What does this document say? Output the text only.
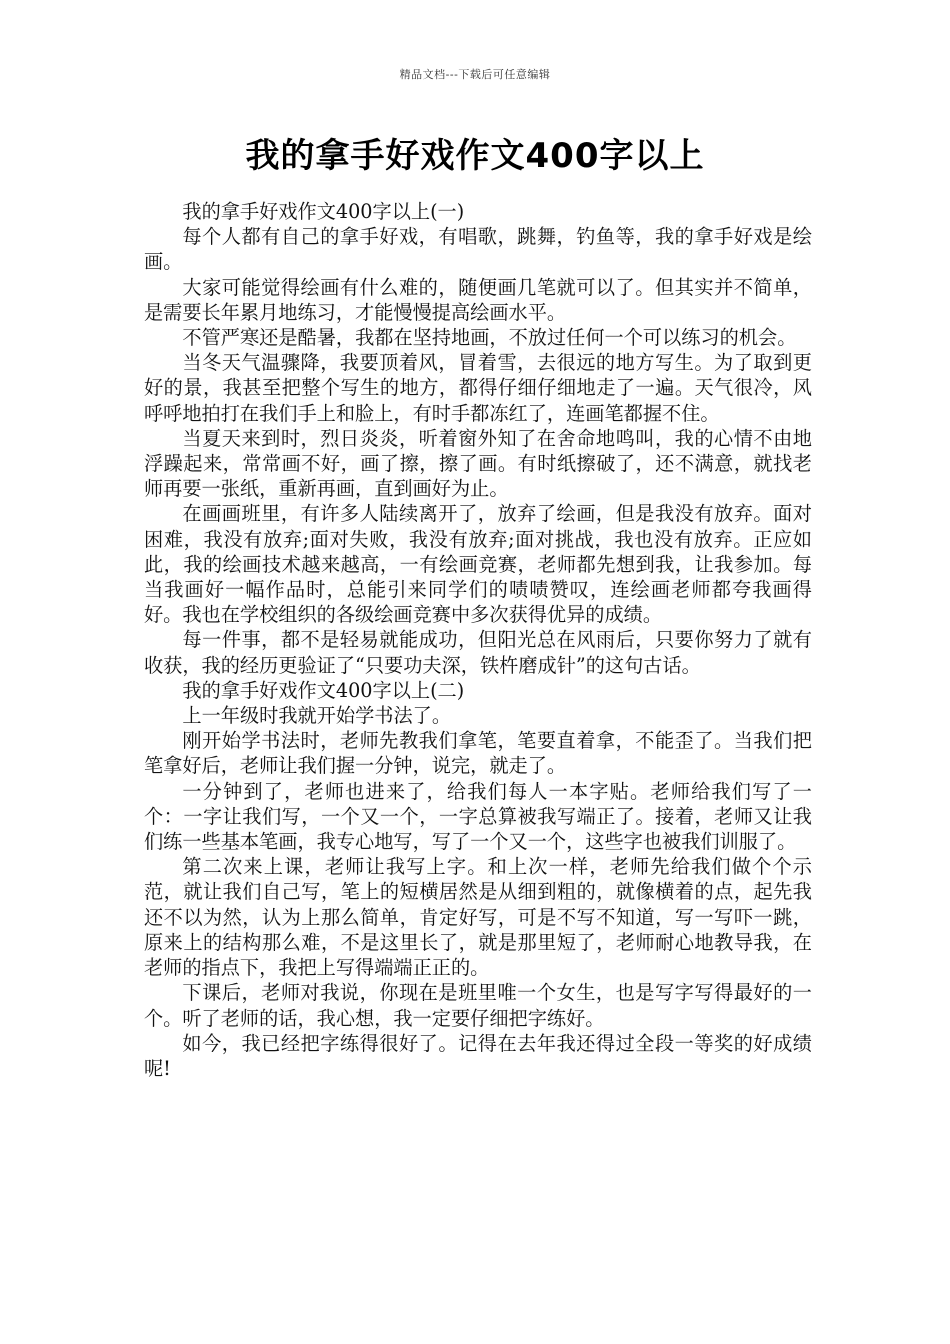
精品文档---下载后可任意编辑
我的拿手好戏作文400字以上

我的拿手好戏作文400字以上(一)

每个人都有自己的拿手好戏，有唱歌，跳舞，钓鱼等，我的拿手好戏是绘画。

大家可能觉得绘画有什么难的，随便画几笔就可以了。但其实并不简单，是需要长年累月地练习，才能慢慢提高绘画水平。

不管严寒还是酷暑，我都在坚持地画，不放过任何一个可以练习的机会。

当冬天气温骤降，我要顶着风，冒着雪，去很远的地方写生。为了取到更好的景，我甚至把整个写生的地方，都得仔细仔细地走了一遍。天气很冷，风呼呼地拍打在我们手上和脸上，有时手都冻红了，连画笔都握不住。

当夏天来到时，烈日炎炎，听着窗外知了在舍命地鸣叫，我的心情不由地浮躁起来，常常画不好，画了擦，擦了画。有时纸擦破了，还不满意，就找老师再要一张纸，重新再画，直到画好为止。

在画画班里，有许多人陆续离开了，放弃了绘画，但是我没有放弃。面对困难，我没有放弃;面对失败，我没有放弃;面对挑战，我也没有放弃。正应如此，我的绘画技术越来越高，一有绘画竞赛，老师都先想到我，让我参加。每当我画好一幅作品时，总能引来同学们的啧啧赞叹，连绘画老师都夸我画得好。我也在学校组织的各级绘画竞赛中多次获得优异的成绩。

每一件事，都不是轻易就能成功，但阳光总在风雨后，只要你努力了就有收获，我的经历更验证了“只要功夫深，铁杵磨成针”的这句古话。

我的拿手好戏作文400字以上(二)

上一年级时我就开始学书法了。

刚开始学书法时，老师先教我们拿笔，笔要直着拿，不能歪了。当我们把笔拿好后，老师让我们握一分钟，说完，就走了。

一分钟到了，老师也进来了，给我们每人一本字贴。老师给我们写了一个：一字让我们写，一个又一个，一字总算被我写端正了。接着，老师又让我们练一些基本笔画，我专心地写，写了一个又一个，这些字也被我们训服了。

第二次来上课，老师让我写上字。和上次一样，老师先给我们做个个示范，就让我们自己写，笔上的短横居然是从细到粗的，就像横着的点，起先我还不以为然，认为上那么简单，肯定好写，可是不写不知道，写一写吓一跳，原来上的结构那么难，不是这里长了，就是那里短了，老师耐心地教导我，在老师的指点下，我把上写得端端正正的。

下课后，老师对我说，你现在是班里唯一个女生，也是写字写得最好的一个。听了老师的话，我心想，我一定要仔细把字练好。

如今，我已经把字练得很好了。记得在去年我还得过全段一等奖的好成绩呢!
